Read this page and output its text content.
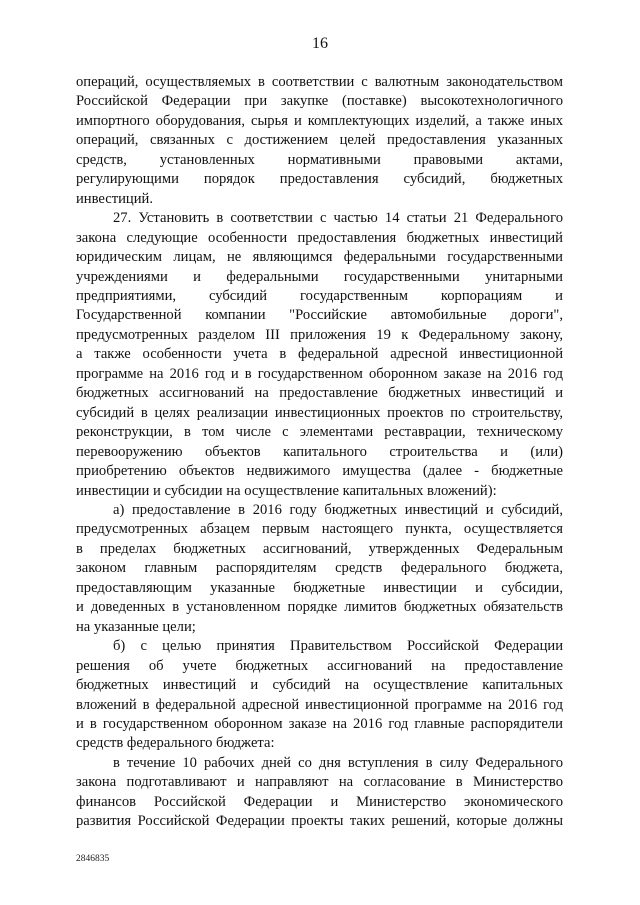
16
операций, осуществляемых в соответствии с валютным законодательством
Российской Федерации при закупке (поставке) высокотехнологичного
импортного оборудования, сырья и комплектующих изделий, а также иных
операций, связанных с достижением целей предоставления указанных
средств, установленных нормативными правовыми актами,
регулирующими порядок предоставления субсидий, бюджетных
инвестиций.
27. Установить в соответствии с частью 14 статьи 21 Федерального
закона следующие особенности предоставления бюджетных инвестиций
юридическим лицам, не являющимся федеральными государственными
учреждениями и федеральными государственными унитарными
предприятиями, субсидий государственным корпорациям и
Государственной компании "Российские автомобильные дороги",
предусмотренных разделом III приложения 19 к Федеральному закону,
а также особенности учета в федеральной адресной инвестиционной
программе на 2016 год и в государственном оборонном заказе на 2016 год
бюджетных ассигнований на предоставление бюджетных инвестиций и
субсидий в целях реализации инвестиционных проектов по строительству,
реконструкции, в том числе с элементами реставрации, техническому
перевооружению объектов капитального строительства и (или)
приобретению объектов недвижимого имущества (далее - бюджетные
инвестиции и субсидии на осуществление капитальных вложений):
а) предоставление в 2016 году бюджетных инвестиций и субсидий,
предусмотренных абзацем первым настоящего пункта, осуществляется
в пределах бюджетных ассигнований, утвержденных Федеральным
законом главным распорядителям средств федерального бюджета,
предоставляющим указанные бюджетные инвестиции и субсидии,
и доведенных в установленном порядке лимитов бюджетных обязательств
на указанные цели;
б) с целью принятия Правительством Российской Федерации
решения об учете бюджетных ассигнований на предоставление
бюджетных инвестиций и субсидий на осуществление капитальных
вложений в федеральной адресной инвестиционной программе на 2016 год
и в государственном оборонном заказе на 2016 год главные распорядители
средств федерального бюджета:
в течение 10 рабочих дней со дня вступления в силу Федерального
закона подготавливают и направляют на согласование в Министерство
финансов Российской Федерации и Министерство экономического
развития Российской Федерации проекты таких решений, которые должны
2846835
